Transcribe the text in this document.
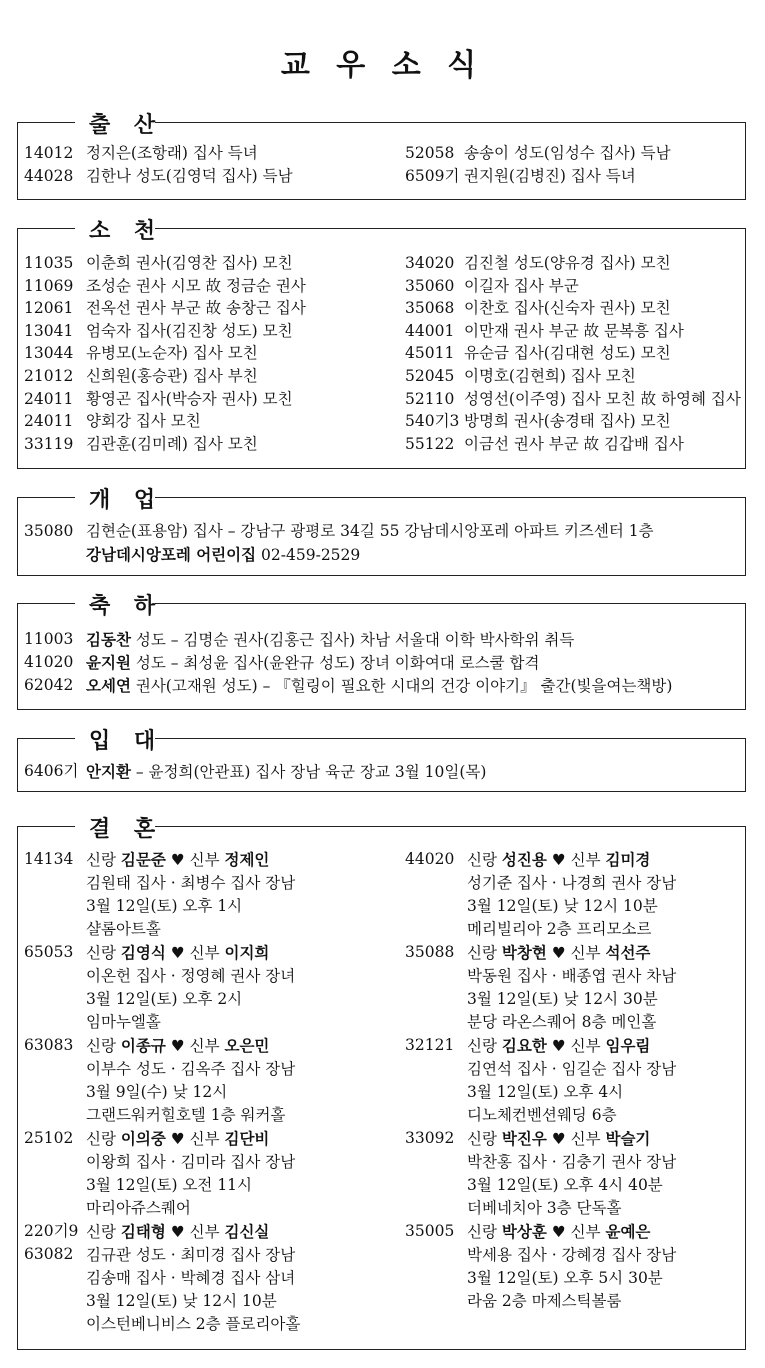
교 우 소 식
출 산
14012 정지은(조항래) 집사 득녀	52058 송송이 성도(임성수 집사) 득남
44028 김한나 성도(김영덕 집사) 득남	6509기 권지원(김병진) 집사 득녀
소 천
11035 이춘희 권사(김영찬 집사) 모친	34020 김진철 성도(양유경 집사) 모친
11069 조성순 권사 시모 故 정금순 권사	35060 이길자 집사 부군
12061 전옥선 권사 부군 故 송창근 집사	35068 이찬호 집사(신숙자 권사) 모친
13041 엄숙자 집사(김진창 성도) 모친	44001 이만재 권사 부군 故 문복흥 집사
13044 유병모(노순자) 집사 모친	45011 유순금 집사(김대현 성도) 모친
21012 신희원(홍승관) 집사 부친	52045 이명호(김현희) 집사 모친
24011 황영곤 집사(박승자 권사) 모친	52110 성영선(이주영) 집사 모친 故 하영혜 집사
24011 양회강 집사 모친	540기3 방명희 권사(송경태 집사) 모친
33119 김관훈(김미례) 집사 모친	55122 이금선 권사 부군 故 김갑배 집사
개 업
35080 김현순(표용암) 집사 – 강남구 광평로 34길 55 강남데시앙포레 아파트 키즈센터 1층
강남데시앙포레 어린이집 02-459-2529
축 하
11003 김동찬 성도 – 김명순 권사(김홍근 집사) 차남 서울대 이학 박사학위 취득
41020 윤지원 성도 – 최성윤 집사(윤완규 성도) 장녀 이화여대 로스쿨 합격
62042 오세연 권사(고재원 성도) – 『힐링이 필요한 시대의 건강 이야기』 출간(빛을여는책방)
입 대
6406기 안지환 – 윤정희(안관표) 집사 장남 육군 장교 3월 10일(목)
결 혼
14134 신랑 김문준 ♥ 신부 정제인
김원태 집사 · 최병수 집사 장남
3월 12일(토) 오후 1시
샬롬아트홀
65053 신랑 김영식 ♥ 신부 이지희
이온헌 집사 · 정영혜 권사 장녀
3월 12일(토) 오후 2시
임마누엘홀
63083 신랑 이종규 ♥ 신부 오은민
이부수 성도 · 김옥주 집사 장남
3월 9일(수) 낮 12시
그랜드워커힐호텔 1층 워커홀
25102 신랑 이의중 ♥ 신부 김단비
이왕희 집사 · 김미라 집사 장남
3월 12일(토) 오전 11시
마리아쥬스퀘어
220기9
63082
신랑 김태형 ♥ 신부 김신실
김규관 성도 · 최미경 집사 장남
김송매 집사 · 박혜경 집사 삼녀
3월 12일(토) 낮 12시 10분
이스턴베니비스 2층 플로리아홀
44020 신랑 성진용 ♥ 신부 김미경
성기준 집사 · 나경희 권사 장남
3월 12일(토) 낮 12시 10분
메리빌리아 2층 프리모소르
35088 신랑 박창현 ♥ 신부 석선주
박동원 집사 · 배종엽 권사 차남
3월 12일(토) 낮 12시 30분
분당 라온스퀘어 8층 메인홀
32121 신랑 김요한 ♥ 신부 임우림
김연석 집사 · 임길순 집사 장남
3월 12일(토) 오후 4시
디노체컨벤션웨딩 6층
33092 신랑 박진우 ♥ 신부 박슬기
박찬홍 집사 · 김충기 권사 장남
3월 12일(토) 오후 4시 40분
더베네치아 3층 단독홀
35005 신랑 박상훈 ♥ 신부 윤예은
박세용 집사 · 강혜경 집사 장남
3월 12일(토) 오후 5시 30분
라움 2층 마제스틱볼룸
